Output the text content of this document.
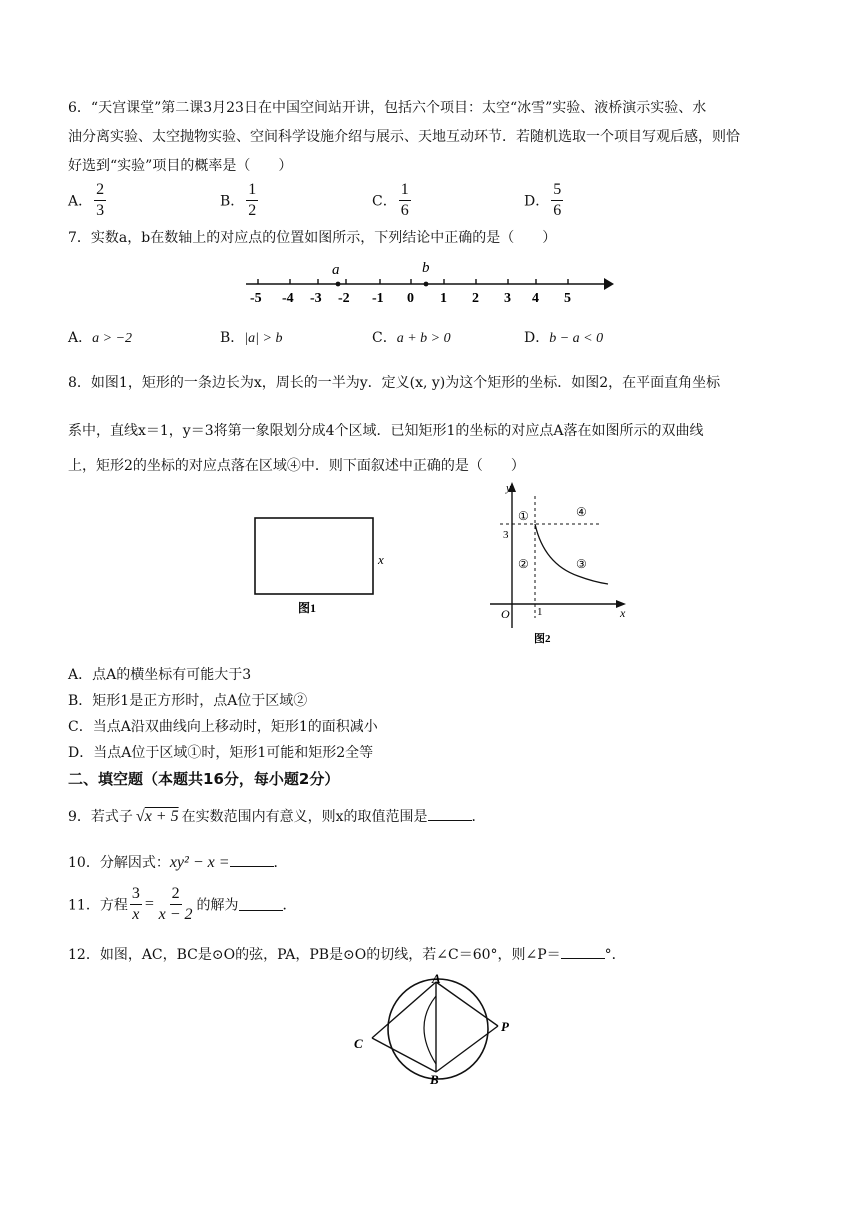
6．“天宫课堂”第二课3月23日在中国空间站开讲，包括六个项目：太空“冰雪”实验、液桥演示实验、水
油分离实验、太空抛物实验、空间科学设施介绍与展示、天地互动环节．若随机选取一个项目写观后感，则恰
好选到“实验”项目的概率是（　　）
A． $\frac{2}{3}$	B． $\frac{1}{2}$	C． $\frac{1}{6}$	D． $\frac{5}{6}$
7．实数a，b在数轴上的对应点的位置如图所示，下列结论中正确的是（　　）
-5 -4 -3 -2 -1 0 1 2 3 4 5
a	b
A．a > −2	B．|a| > b	C．a + b > 0	D．b − a < 0
8．如图1，矩形的一条边长为x，周长的一半为y．定义(x, y)为这个矩形的坐标．如图2，在平面直角坐标
系中，直线x＝1，y＝3将第一象限划分成4个区域．已知矩形1的坐标的对应点A落在如图所示的双曲线
上，矩形2的坐标的对应点落在区域④中．则下面叙述中正确的是（　　）
x
图1
y
x
O 1
3
①
②	③
④
图2
A．点A的横坐标有可能大于3
B．矩形1是正方形时，点A位于区域②
C．当点A沿双曲线向上移动时，矩形1的面积减小
D．当点A位于区域①时，矩形1可能和矩形2全等
二、填空题（本题共16分，每小题2分）
9．若式子 √x + 5 在实数范围内有意义，则x的取值范围是	．
10．分解因式：xy² − x =	．
11．方程 $\frac{3}{x} = \frac{2}{x - 2}$ 的解为	．
12．如图，AC，BC是⊙O的弦，PA，PB是⊙O的切线，若∠C＝60°，则∠P＝	°．
A
B
C
P
